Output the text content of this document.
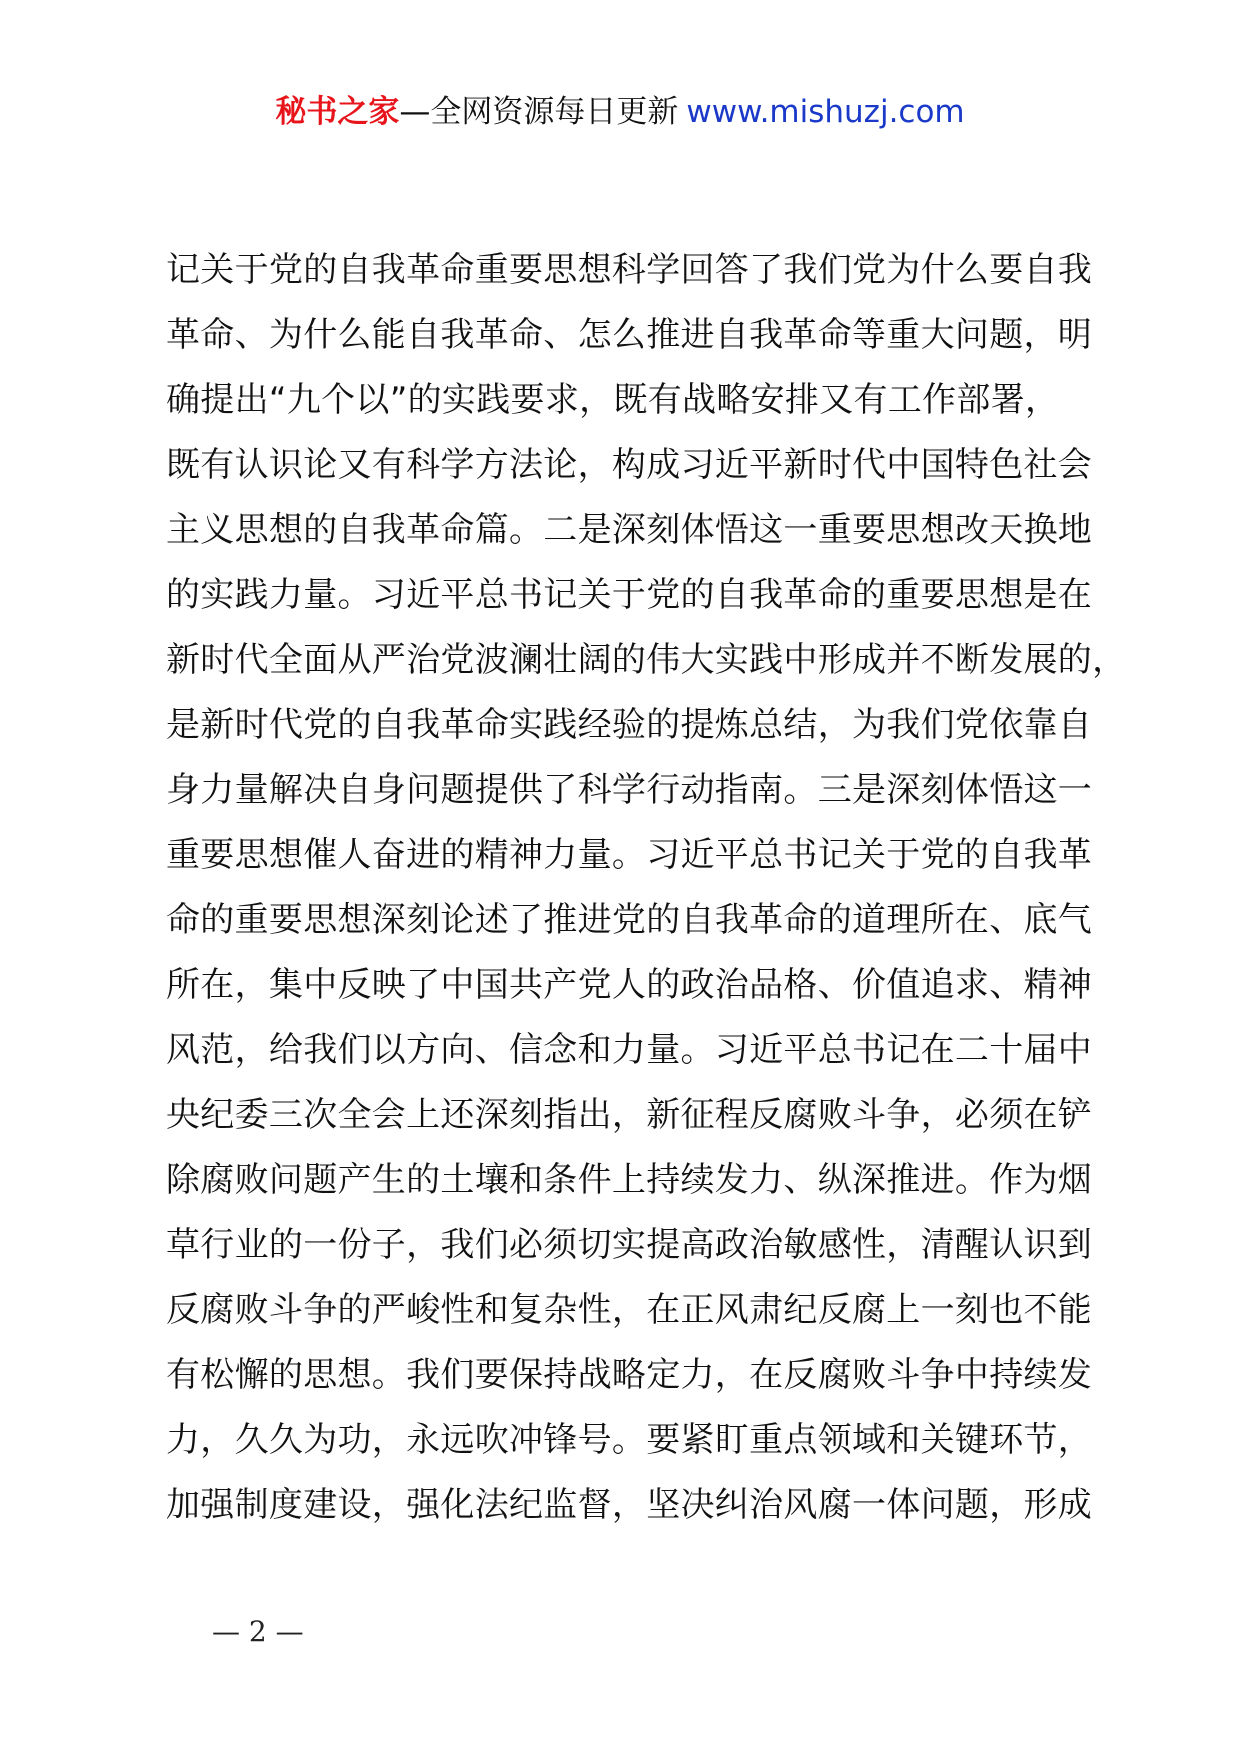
秘书之家—全网资源每日更新 www.mishuzj.com
记关于党的自我革命重要思想科学回答了我们党为什么要自我
革命、为什么能自我革命、怎么推进自我革命等重大问题，明
确提出“九个以”的实践要求，既有战略安排又有工作部署，
既有认识论又有科学方法论，构成习近平新时代中国特色社会
主义思想的自我革命篇。二是深刻体悟这一重要思想改天换地
的实践力量。习近平总书记关于党的自我革命的重要思想是在
新时代全面从严治党波澜壮阔的伟大实践中形成并不断发展的，
是新时代党的自我革命实践经验的提炼总结，为我们党依靠自
身力量解决自身问题提供了科学行动指南。三是深刻体悟这一
重要思想催人奋进的精神力量。习近平总书记关于党的自我革
命的重要思想深刻论述了推进党的自我革命的道理所在、底气
所在，集中反映了中国共产党人的政治品格、价值追求、精神
风范，给我们以方向、信念和力量。习近平总书记在二十届中
央纪委三次全会上还深刻指出，新征程反腐败斗争，必须在铲
除腐败问题产生的土壤和条件上持续发力、纵深推进。作为烟
草行业的一份子，我们必须切实提高政治敏感性，清醒认识到
反腐败斗争的严峻性和复杂性，在正风肃纪反腐上一刻也不能
有松懈的思想。我们要保持战略定力，在反腐败斗争中持续发
力，久久为功，永远吹冲锋号。要紧盯重点领域和关键环节，
加强制度建设，强化法纪监督，坚决纠治风腐一体问题，形成
— 2 —
